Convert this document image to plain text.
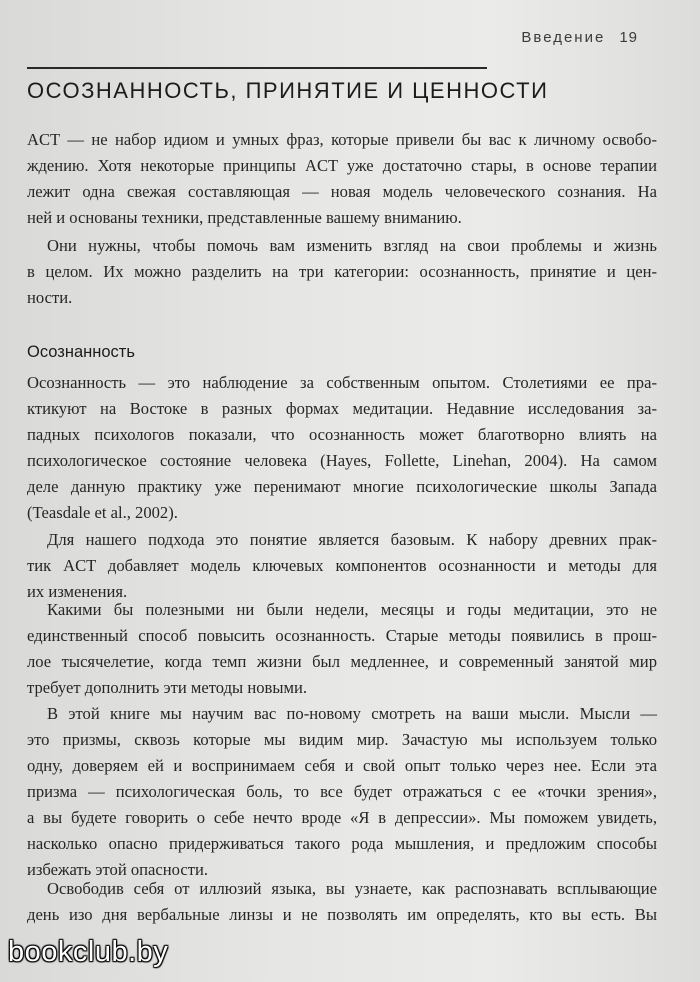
Введение 19
ОСОЗНАННОСТЬ, ПРИНЯТИЕ И ЦЕННОСТИ
ACT — не набор идиом и умных фраз, которые привели бы вас к личному освобо-
ждению. Хотя некоторые принципы ACT уже достаточно стары, в основе терапии
лежит одна свежая составляющая — новая модель человеческого сознания. На
ней и основаны техники, представленные вашему вниманию.
Они нужны, чтобы помочь вам изменить взгляд на свои проблемы и жизнь
в целом. Их можно разделить на три категории: осознанность, принятие и цен-
ности.
Осознанность
Осознанность — это наблюдение за собственным опытом. Столетиями ее пра-
ктикуют на Востоке в разных формах медитации. Недавние исследования за-
падных психологов показали, что осознанность может благотворно влиять на
психологическое состояние человека (Hayes, Follette, Linehan, 2004). На самом
деле данную практику уже перенимают многие психологические школы Запада
(Teasdale et al., 2002).
Для нашего подхода это понятие является базовым. К набору древних прак-
тик ACT добавляет модель ключевых компонентов осознанности и методы для
их изменения.
Какими бы полезными ни были недели, месяцы и годы медитации, это не
единственный способ повысить осознанность. Старые методы появились в прош-
лое тысячелетие, когда темп жизни был медленнее, и современный занятой мир
требует дополнить эти методы новыми.
В этой книге мы научим вас по-новому смотреть на ваши мысли. Мысли —
это призмы, сквозь которые мы видим мир. Зачастую мы используем только
одну, доверяем ей и воспринимаем себя и свой опыт только через нее. Если эта
призма — психологическая боль, то все будет отражаться с ее «точки зрения»,
а вы будете говорить о себе нечто вроде «Я в депрессии». Мы поможем увидеть,
насколько опасно придерживаться такого рода мышления, и предложим способы
избежать этой опасности.
Освободив себя от иллюзий языка, вы узнаете, как распознавать всплывающие
день изо дня вербальные линзы и не позволять им определять, кто вы есть. Вы
bookclub.by
